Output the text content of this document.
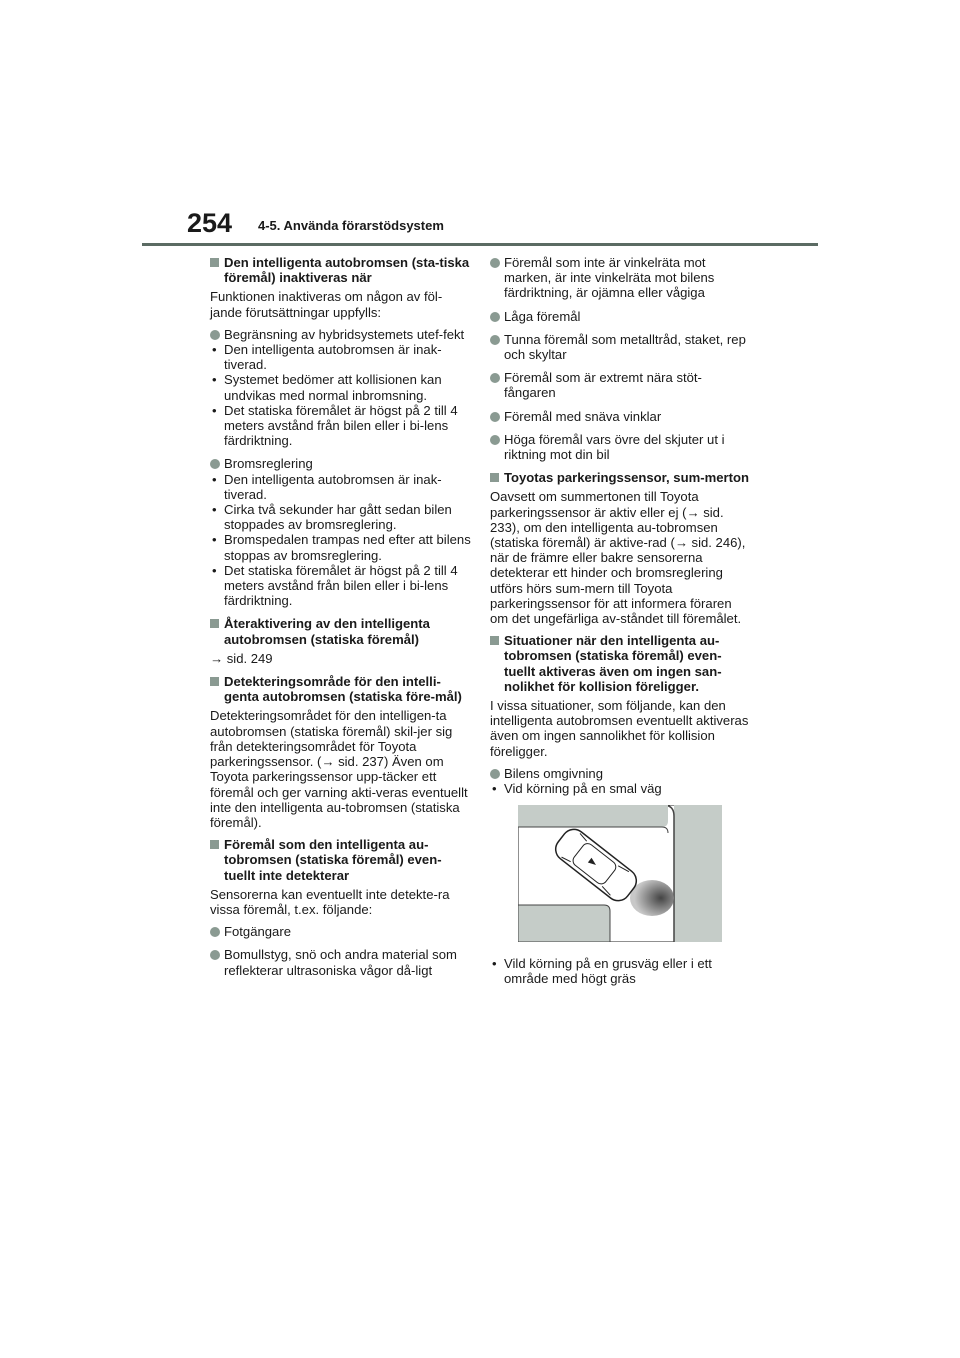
254 4-5. Använda förarstödsystem
Den intelligenta autobromsen (sta-tiska föremål) inaktiveras när
Funktionen inaktiveras om någon av föl-jande förutsättningar uppfylls:
Begränsning av hybridsystemets utef-fekt
• Den intelligenta autobromsen är inak-tiverad.
• Systemet bedömer att kollisionen kan undvikas med normal inbromsning.
• Det statiska föremålet är högst på 2 till 4 meters avstånd från bilen eller i bi-lens färdriktning.
Bromsreglering
• Den intelligenta autobromsen är inak-tiverad.
• Cirka två sekunder har gått sedan bilen stoppades av bromsreglering.
• Bromspedalen trampas ned efter att bilens stoppas av bromsreglering.
• Det statiska föremålet är högst på 2 till 4 meters avstånd från bilen eller i bi-lens färdriktning.
Återaktivering av den intelligenta autobromsen (statiska föremål)
→ sid. 249
Detekteringsområde för den intelli-genta autobromsen (statiska före-mål)
Detekteringsområdet för den intelligen-ta autobromsen (statiska föremål) skil-jer sig från detekteringsområdet för Toyota parkeringssensor. (→ sid. 237) Även om Toyota parkeringssensor upp-täcker ett föremål och ger varning akti-veras eventuellt inte den intelligenta au-tobromsen (statiska föremål).
Föremål som den intelligenta au-tobromsen (statiska föremål) even-tuellt inte detekterar
Sensorerna kan eventuellt inte detekte-ra vissa föremål, t.ex. följande:
Fotgängare
Bomullstyg, snö och andra material som reflekterar ultrasoniska vågor då-ligt
Föremål som inte är vinkelräta mot marken, är inte vinkelräta mot bilens färdriktning, är ojämna eller vågiga
Låga föremål
Tunna föremål som metalltråd, staket, rep och skyltar
Föremål som är extremt nära stöt-fångaren
Föremål med snäva vinklar
Höga föremål vars övre del skjuter ut i riktning mot din bil
Toyotas parkeringssensor, sum-merton
Oavsett om summertonen till Toyota parkeringssensor är aktiv eller ej (→ sid. 233), om den intelligenta au-tobromsen (statiska föremål) är aktive-rad (→ sid. 246), när de främre eller bakre sensorerna detekterar ett hinder och bromsreglering utförs hörs sum-mern till Toyota parkeringssensor för att informera föraren om det ungefärliga av-ståndet till föremålet.
Situationer när den intelligenta au-tobromsen (statiska föremål) even-tuellt aktiveras även om ingen san-nolikhet för kollision föreligger.
I vissa situationer, som följande, kan den intelligenta autobromsen eventuellt aktiveras även om ingen sannolikhet för kollision föreligger.
Bilens omgivning
• Vid körning på en smal väg
• Vild körning på en grusväg eller i ett område med högt gräs
